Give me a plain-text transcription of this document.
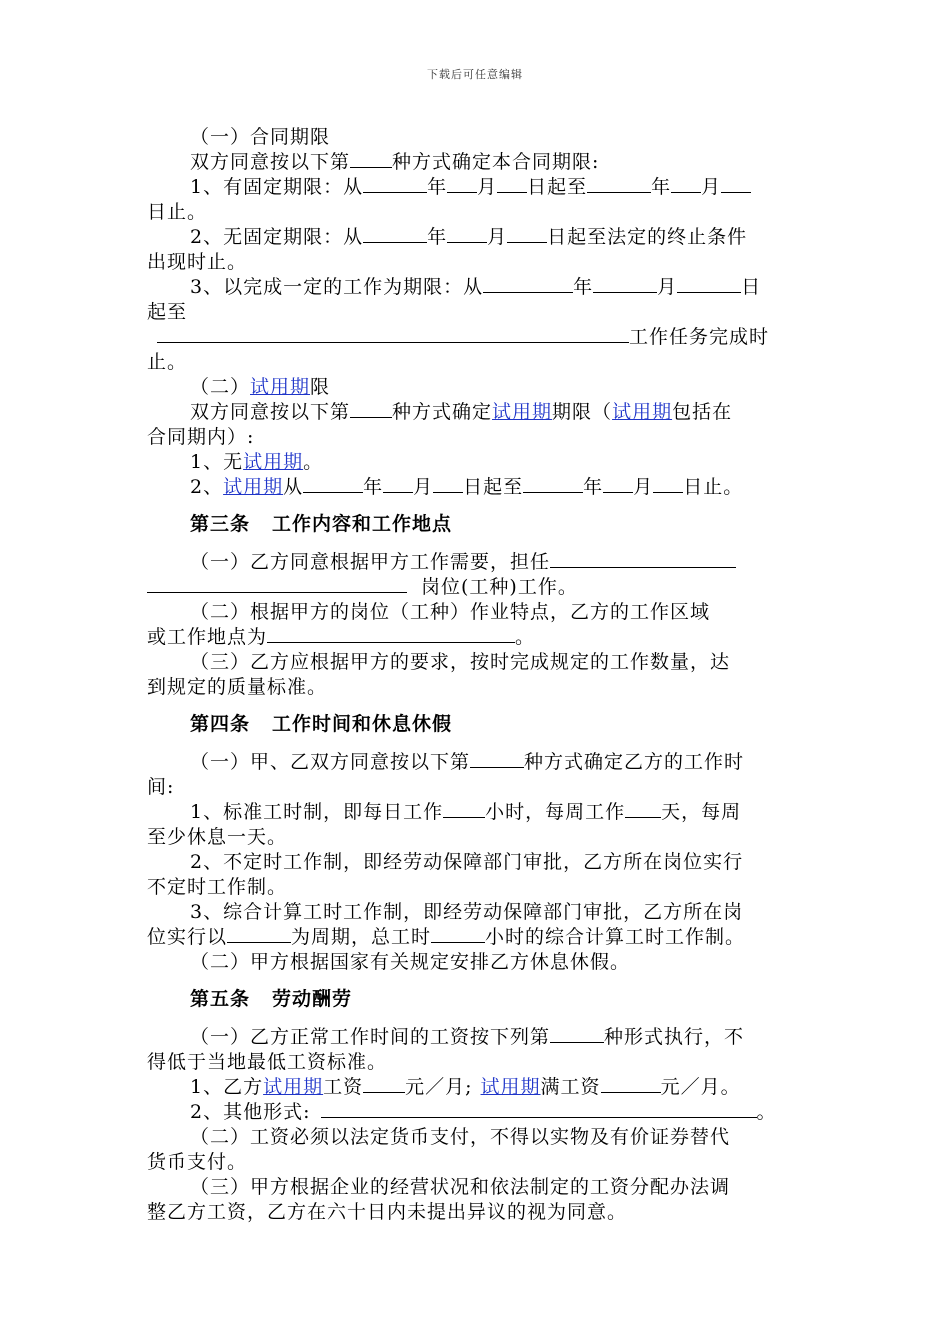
下载后可任意编辑
（一）合同期限
双方同意按以下第 种方式确定本合同期限:
1、有固定期限：从	年 月 日起至	年 月
日止。
2、无固定期限：从	年 月 日起至法定的终止条件
出现时止。
3、以完成一定的工作为期限：从	年	月	日
起至
工作任务完成时
止。
（二）试用期限
双方同意按以下第 种方式确定试用期期限（试用期包括在
合同期内）:
1、无试用期。
2、试用期从	年 月 日起至	年 月 日止。
第三条 工作内容和工作地点
（一）乙方同意根据甲方工作需要，担任
岗位(工种)工作。
（二）根据甲方的岗位（工种）作业特点，乙方的工作区域
或工作地点为	。
（三）乙方应根据甲方的要求，按时完成规定的工作数量，达
到规定的质量标准。
第四条 工作时间和休息休假
（一）甲、乙双方同意按以下第	种方式确定乙方的工作时
间:
1、标准工时制，即每日工作 小时，每周工作 天，每周
至少休息一天。
2、不定时工作制，即经劳动保障部门审批，乙方所在岗位实行
不定时工作制。
3、综合计算工时工作制，即经劳动保障部门审批，乙方所在岗
位实行以	为周期，总工时	小时的综合计算工时工作制。
（二）甲方根据国家有关规定安排乙方休息休假。
第五条 劳动酬劳
（一）乙方正常工作时间的工资按下列第	种形式执行，不
得低于当地最低工资标准。
1、乙方试用期工资 元／月; 试用期满工资	元／月。
2、其他形式:	。
（二）工资必须以法定货币支付，不得以实物及有价证券替代
货币支付。
（三）甲方根据企业的经营状况和依法制定的工资分配办法调
整乙方工资，乙方在六十日内未提出异议的视为同意。
